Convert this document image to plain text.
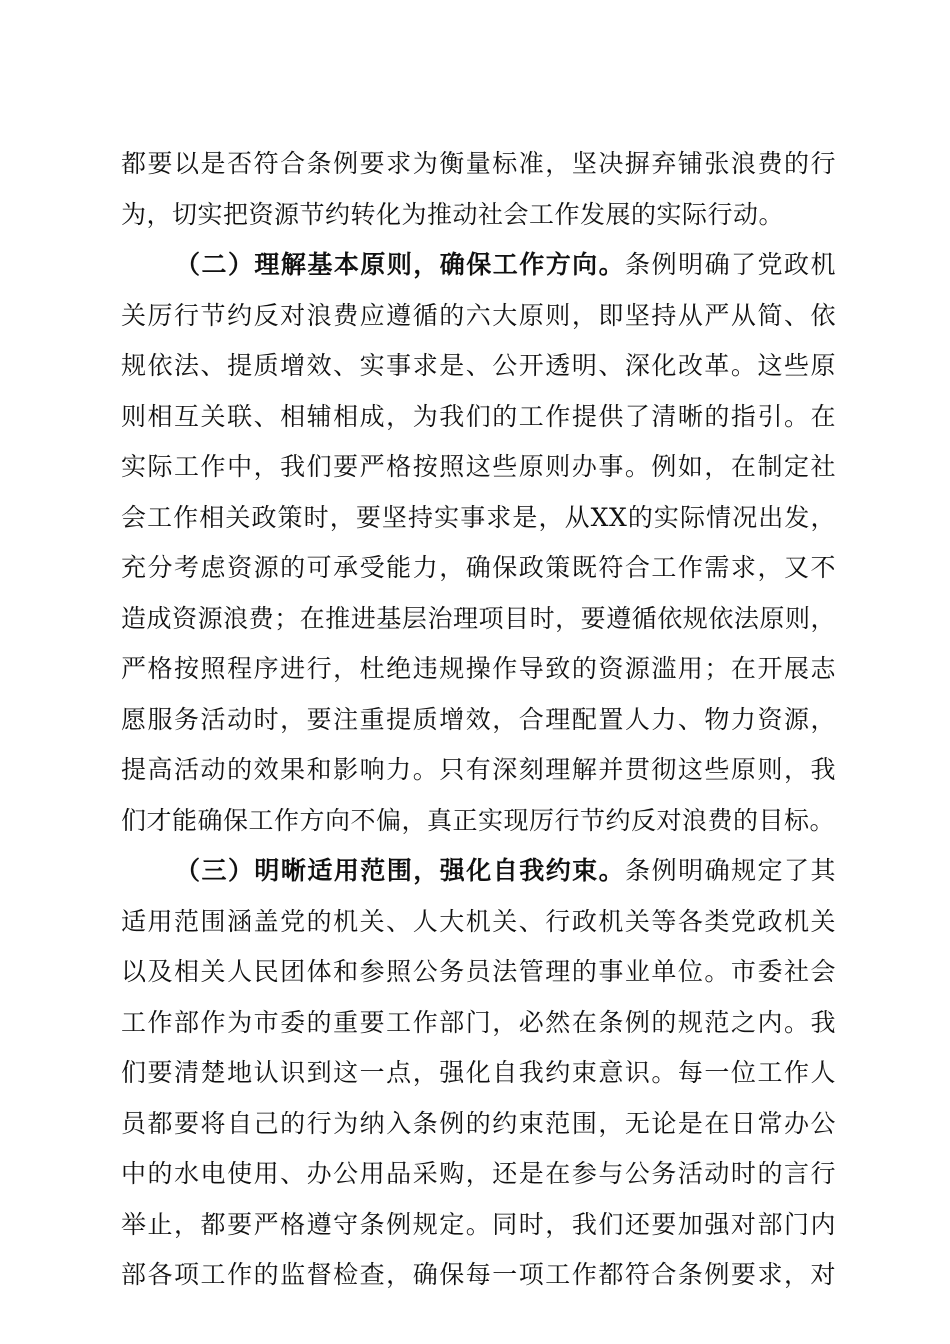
都要以是否符合条例要求为衡量标准，坚决摒弃铺张浪费的行
为，切实把资源节约转化为推动社会工作发展的实际行动。
（二）理解基本原则，确保工作方向。条例明确了党政机
关厉行节约反对浪费应遵循的六大原则，即坚持从严从简、依
规依法、提质增效、实事求是、公开透明、深化改革。这些原
则相互关联、相辅相成，为我们的工作提供了清晰的指引。在
实际工作中，我们要严格按照这些原则办事。例如，在制定社
会工作相关政策时，要坚持实事求是，从XX的实际情况出发，
充分考虑资源的可承受能力，确保政策既符合工作需求，又不
造成资源浪费；在推进基层治理项目时，要遵循依规依法原则，
严格按照程序进行，杜绝违规操作导致的资源滥用；在开展志
愿服务活动时，要注重提质增效，合理配置人力、物力资源，
提高活动的效果和影响力。只有深刻理解并贯彻这些原则，我
们才能确保工作方向不偏，真正实现厉行节约反对浪费的目标。
（三）明晰适用范围，强化自我约束。条例明确规定了其
适用范围涵盖党的机关、人大机关、行政机关等各类党政机关
以及相关人民团体和参照公务员法管理的事业单位。市委社会
工作部作为市委的重要工作部门，必然在条例的规范之内。我
们要清楚地认识到这一点，强化自我约束意识。每一位工作人
员都要将自己的行为纳入条例的约束范围，无论是在日常办公
中的水电使用、办公用品采购，还是在参与公务活动时的言行
举止，都要严格遵守条例规定。同时，我们还要加强对部门内
部各项工作的监督检查，确保每一项工作都符合条例要求，对
